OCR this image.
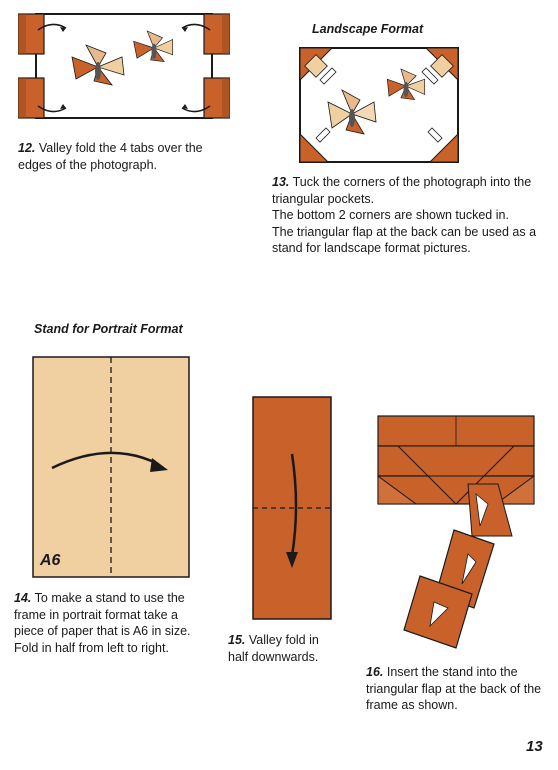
12. Valley fold the 4 tabs over the edges of the photograph.
Landscape Format
13. Tuck the corners of the photograph into the triangular pockets.
The bottom 2 corners are shown tucked in.
The triangular flap at the back can be used as a stand for landscape format pictures.
Stand for Portrait Format
A6
14. To make a stand to use the frame in portrait format take a piece of paper that is A6 in size. Fold in half from left to right.
15. Valley fold in half downwards.
16. Insert the stand into the triangular flap at the back of the frame as shown.
13
